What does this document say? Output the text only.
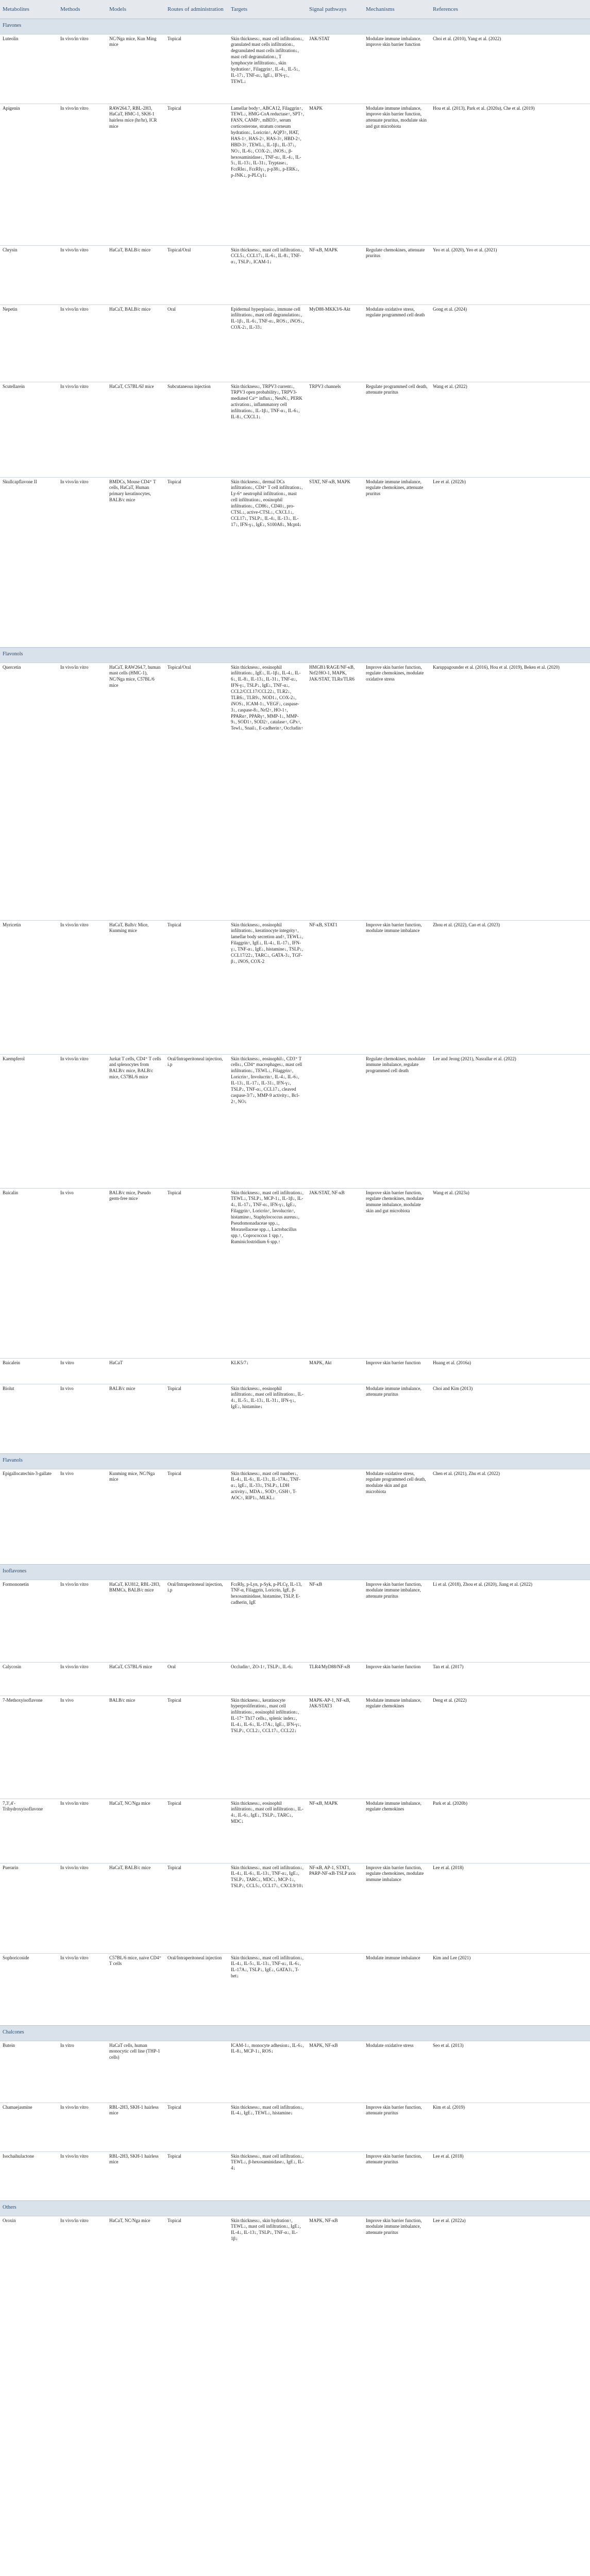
Metabolites	Methods	Models	Routes of administration	Targets	Signal pathways	Mechanisms	References
Flavones							
Luteolin	In vivo/in vitro	NC/Nga mice, Kun Ming mice	Topical	Skin thickness↓, mast cell infiltration↓, granulated mast cells infiltration↓, degranulated mast cells infiltration↓, mast cell degranulation↓, T lymphocyte infiltration↓, skin hydration↑, Filaggrin↑, IL-4↓, IL-5↓, IL-17↓, TNF-α↓, IgE↓, IFN-γ↓, TEWL↓	JAK/STAT	Modulate immune imbalance, improve skin barrier function	Choi et al. (2010), Yang et al. (2022)
Apigenin	In vivo/in vitro	RAW264.7, RBL-2H3, HaCaT, HMC-1, SKH-1 hairless mice (hr/hr), ICR mice	Topical	Lamellar body↑, ABCA12, Filaggrin↑, TEWL↓, HMG-CoA reductase↑, SPT↑, FASN, CAMP↑, mBD3↑, serum corticosterone, stratum corneum hydration↓, Loricrin↑, AQP3↑, HAT, HAS-1↑, HAS-2↑, HAS-3↑, HBD-2↑, HBD-3↑, TEWL↓, IL-1β↓, IL-37↓, NO↓, IL-6↓, COX-2↓, iNOS↓, β-hexosaminidase↓, TNF-α↓, IL-4↓, IL-5↓, IL-13↓, IL-31↓, Tryptase↓, FcεRIα↓, FcεRIγ↓, p-p38↓, p-ERK↓, p-JNK↓, p-PLCγ1↓	MAPK	Modulate immune imbalance, improve skin barrier function, attenuate pruritus, modulate skin and gut microbiota	Hou et al. (2013), Park et al. (2020a), Che et al. (2019)
Chrysin	In vivo/in vitro	HaCaT, BALB/c mice	Topical/Oral	Skin thickness↓, mast cell infiltration↓, CCL5↓, CCL17↓, IL-6↓, IL-8↓, TNF-α↓, TSLP↓, ICAM-1↓	NF-κB, MAPK	Regulate chemokines, attenuate pruritus	Yeo et al. (2020), Yeo et al. (2021)
Nepetin	In vivo/in vitro	HaCaT, BALB/c mice	Oral	Epidermal hyperplasia↓, immune cell infiltration↓, mast cell degranulation↓, IL-1β↓, IL-6↓, TNF-α↓, ROS↓, iNOS↓, COX-2↓, IL-33↓	MyD88-MKK3/6-Akt	Modulate oxidative stress, regulate programmed cell death	Gong et al. (2024)
Scutellarein	In vivo/in vitro	HaCaT, C57BL/6J mice	Subcutaneous injection	Skin thickness↓, TRPV3 current↓, TRPV3 open probability↓, TRPV3-mediated Ca²⁺ influx↓, NeuN↓, PERK activation↓, inflammatory cell infiltration↓, IL-1β↓, TNF-α↓, IL-6↓, IL-8↓, CXCL1↓	TRPV3 channels	Regulate programmed cell death, attenuate pruritus	Wang et al. (2022)
Skullcapflavone II	In vivo/in vitro	BMDCs, Mouse CD4⁺ T cells, HaCaT, Human primary keratinocytes, BALB/c mice	Topical	Skin thickness↓, dermal DCs infiltration↓, CD4⁺ T cell infiltration↓, Ly-6⁺ neutrophil infiltration↓, mast cell infiltration↓, eosinophil infiltration↓, CD86↓, CD40↓, pro-CTSL↓, active-CTSL↓, CXCL1↓, CCL17↓, TSLP↓, IL-4↓, IL-13↓, IL-17↓, IFN-γ↓, IgE↓, S100A8↓, Mcpt4↓	STAT, NF-κB, MAPK	Modulate immune imbalance, regulate chemokines, attenuate pruritus	Lee et al. (2022b)
Flavonols							
Quercetin	In vivo/in vitro	HaCaT, RAW264.7, human mast cells (HMC-1), NC/Nga mice, C57BL/6 mice	Topical/Oral	Skin thickness↓, eosinophil infiltration↓, IgE↓, IL-1β↓, IL-4↓, IL-6↓, IL-8↓, IL-13↓, IL-31↓, TNF-α↓, IFN-γ↓, TSLP↓, IgE↓, TNF-α↓, CCL2/CCL17/CCL22↓, TLR2↓, TLR6↓, TLR9↓, NOD1↓, COX-2↓, iNOS↓, ICAM-1↓, VEGF↓, caspase-3↓, caspase-8↓, Nrf2↑, HO-1↑, PPARα↑, PPARγ↑, MMP-1↓, MMP-9↓, SOD1↑, SOD2↑, catalase↑, GPx↑, Tewl↓, Snail↓, E-cadherin↑, Occludin↑	HMGB1/RAGE/NF-κB, Nrf2/HO-1, MAPK, JAK/STAT, TLRs/TLR6	Improve skin barrier function, regulate chemokines, modulate oxidative stress	Karuppagounder et al. (2016), Hou et al. (2019), Beken et al. (2020)
Myricetin	In vivo/in vitro	HaCaT, Balb/c Mice, Kunming mice	Topical	Skin thickness↓, eosinophil infiltration↓, keratinocyte integrity↑, lamellar body secretion and↑, TEWL↓, Filaggrin↑, IgE↓, IL-4↓, IL-17↓, IFN-γ↓, TNF-α↓, IgE↓, histamine↓, TSLP↓, CCL17/22↓, TARC↓, GATA-3↓, TGF-β↓, iNOS, COX-2	NF-κB, STAT1	Improve skin barrier function, modulate immune imbalance	Zhou et al. (2022), Cao et al. (2023)
Kaempferol	In vivo/in vitro	Jurkat T cells, CD4⁺ T cells and splenocytes from BALB/c mice, BALB/c mice, C57BL/6 mice	Oral/Intraperitoneal injection, i.p	Skin thickness↓, eosinophil↓, CD3⁺ T cells↓, CD4⁺ macrophages↓, mast cell infiltration↓, TEWL↓, Filaggrin↑, Loricrin↑, Involucrin↑, IL-4↓, IL-6↓, IL-13↓, IL-17↓, IL-31↓, IFN-γ↓, TSLP↓, TNF-α↓, CCL17↓, cleaved caspase-3/7↓, MMP-9 activity↓, Bcl-2↑, NO↓		Regulate chemokines, modulate immune imbalance, regulate programmed cell death	Lee and Jeong (2021), Nasrallar et al. (2022)
Baicalin	In vivo	BALB/c mice, Pseudo germ-free mice	Topical	Skin thickness↓, mast cell infiltration↓, TEWL↓, TSLP↓, MCP-1↓, IL-1β↓, IL-4↓, IL-17↓, TNF-α↓, IFN-γ↓, IgE↓, Filaggrin↑, Loricrin↑, Involucrin↑, histamine↓, Staphylococcus aureus↓, Pseudomonadaceae spp.↓, Moraxellaceae spp.↓, Lactobacillus spp.↑, Coprococcus 1 spp.↑, Ruminiclostridium 6 spp.↑	JAK/STAT, NF-κB	Improve skin barrier function, regulate chemokines, modulate immune imbalance, modulate skin and gut microbiota	Wang et al. (2023a)
Baicalein	In vitro	HaCaT		KLK5/7↓	MAPK, Akt	Improve skin barrier function	Huang et al. (2016a)
Biolut	In vivo	BALB/c mice	Topical	Skin thickness↓, eosinophil infiltration↓, mast cell infiltration↓, IL-4↓, IL-5↓, IL-13↓, IL-31↓, IFN-γ↓, IgE↓, histamine↓		Modulate immune imbalance, attenuate pruritus	Choi and Kim (2013)
Flavanols							
Epigallocatechin-3-gallate	In vivo	Kunming mice, NC/Nga mice	Topical	Skin thickness↓, mast cell number↓, IL-4↓, IL-6↓, IL-13↓, IL-17A↓, TNF-α↓, IgE↓, IL-33↓, TSLP↓, LDH activity↓, MDA↓, SOD↑, GSH↑, T-AOC↑, RIP1↓, MLKL↓		Modulate oxidative stress, regulate programmed cell death, modulate skin and gut microbiota	Chen et al. (2021), Zhu et al. (2022)
Isoflavones							
Formononetin	In vivo/in vitro	HaCaT, KU812, RBL-2H3, BMMCs, BALB/c mice	Oral/Intraperitoneal injection, i.p	FcεRIγ, p-Lyn, p-Syk, p-PLCγ, IL-13, TNF-α, Filaggrin, Loricrin, IgE, β-hexosaminidase, histamine, TSLP, E-cadherin, IgE	NF-κB	Improve skin barrier function, modulate immune imbalance, attenuate pruritus	Li et al. (2018), Zhou et al. (2020), Jiang et al. (2022)
Calycosin	In vivo/in vitro	HaCaT, C57BL/6 mice	Oral	Occludin↑, ZO-1↑, TSLP↓, IL-6↓	TLR4/MyD88/NF-κB	Improve skin barrier function	Tan et al. (2017)
7-Methoxyisoflavone	In vivo	BALB/c mice	Topical	Skin thickness↓, keratinocyte hyperproliferation↓, mast cell infiltration↓, eosinophil infiltration↓, IL-17⁺ Th17 cells↓, splenic index↓, IL-4↓, IL-6↓, IL-17A↓, IgE↓, IFN-γ↓, TSLP↓, CCL2↓, CCL17↓, CCL22↓	MAPK-AP-1, NF-κB, JAK/STAT3	Modulate immune imbalance, regulate chemokines	Deng et al. (2022)
7,3′,4′-Trihydroxyisoflavone	In vivo/in vitro	HaCaT, NC/Nga mice	Topical	Skin thickness↓, eosinophil infiltration↓, mast cell infiltration↓, IL-4↓, IL-6↓, IgE↓, TSLP↓, TARC↓, MDC↓	NF-κB, MAPK	Modulate immune imbalance, regulate chemokines	Park et al. (2020b)
Puerarin	In vivo/in vitro	HaCaT, BALB/c mice	Topical	Skin thickness↓, mast cell infiltration↓, IL-4↓, IL-6↓, IL-13↓, TNF-α↓, IgE↓, TSLP↓, TARC↓, MDC↓, MCP-1↓, TSLP↓, CCL5↓, CCL17↓, CXCL9/10↓	NF-κB, AP-1, STAT1, PARP-NF-κB-TSLP axis	Improve skin barrier function, regulate chemokines, modulate immune imbalance	Lee et al. (2018)
Sophoricoside	In vivo/in vitro	C57BL/6 mice, naive CD4⁺ T cells	Oral/Intraperitoneal injection	Skin thickness↓, mast cell infiltration↓, IL-4↓, IL-5↓, IL-13↓, TNF-α↓, IL-6↓, IL-17A↓, TSLP↓, IgE↓, GATA3↓, T-bet↓		Modulate immune imbalance	Kim and Lee (2021)
Chalcones							
Butein	In vitro	HaCaT cells, human monocytic cell line (THP-1 cells)		ICAM-1↓, monocyte adhesion↓, IL-6↓, IL-8↓, MCP-1↓, ROS↓	MAPK, NF-κB	Modulate oxidative stress	Seo et al. (2013)
Chamaejasmine	In vivo/in vitro	RBL-2H3, SKH-1 hairless mice	Topical	Skin thickness↓, mast cell infiltration↓, IL-4↓, IgE↓, TEWL↓, histamine↓		Improve skin barrier function, attenuate pruritus	Kim et al. (2019)
Isochaihulactone	In vivo/in vitro	RBL-2H3, SKH-1 hairless mice	Topical	Skin thickness↓, mast cell infiltration↓, TEWL↓, β-hexosaminidase↓, IgE↓, IL-4↓		Improve skin barrier function, attenuate pruritus	Lee et al. (2018)
Others							
Oroxin	In vivo/in vitro	HaCaT, NC/Nga mice	Topical	Skin thickness↓, skin hydration↑, TEWL↓, mast cell infiltration↓, IgE↓, IL-4↓, IL-13↓, TSLP↓, TNF-α↓, IL-1β↓	MAPK, NF-κB	Improve skin barrier function, modulate immune imbalance, attenuate pruritus	Lee et al. (2022a)
